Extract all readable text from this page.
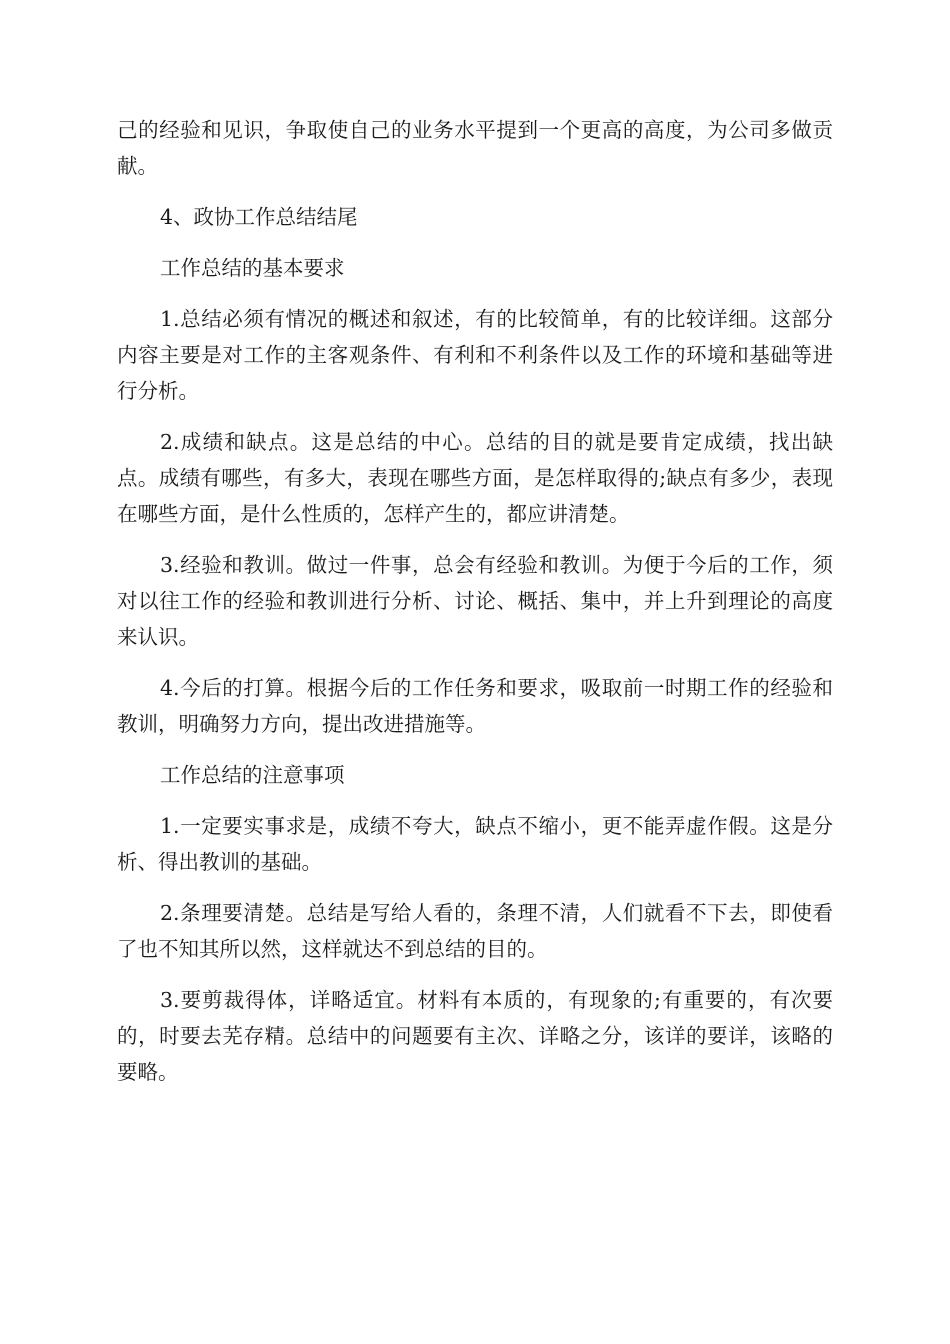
己的经验和见识，争取使自己的业务水平提到一个更高的高度，为公司多做贡献。

4、政协工作总结结尾

工作总结的基本要求

1.总结必须有情况的概述和叙述，有的比较简单，有的比较详细。这部分内容主要是对工作的主客观条件、有利和不利条件以及工作的环境和基础等进行分析。

2.成绩和缺点。这是总结的中心。总结的目的就是要肯定成绩，找出缺点。成绩有哪些，有多大，表现在哪些方面，是怎样取得的;缺点有多少，表现在哪些方面，是什么性质的，怎样产生的，都应讲清楚。

3.经验和教训。做过一件事，总会有经验和教训。为便于今后的工作，须对以往工作的经验和教训进行分析、讨论、概括、集中，并上升到理论的高度来认识。

4.今后的打算。根据今后的工作任务和要求，吸取前一时期工作的经验和教训，明确努力方向，提出改进措施等。

工作总结的注意事项

1.一定要实事求是，成绩不夸大，缺点不缩小，更不能弄虚作假。这是分析、得出教训的基础。

2.条理要清楚。总结是写给人看的，条理不清，人们就看不下去，即使看了也不知其所以然，这样就达不到总结的目的。

3.要剪裁得体，详略适宜。材料有本质的，有现象的;有重要的，有次要的，时要去芜存精。总结中的问题要有主次、详略之分，该详的要详，该略的要略。
